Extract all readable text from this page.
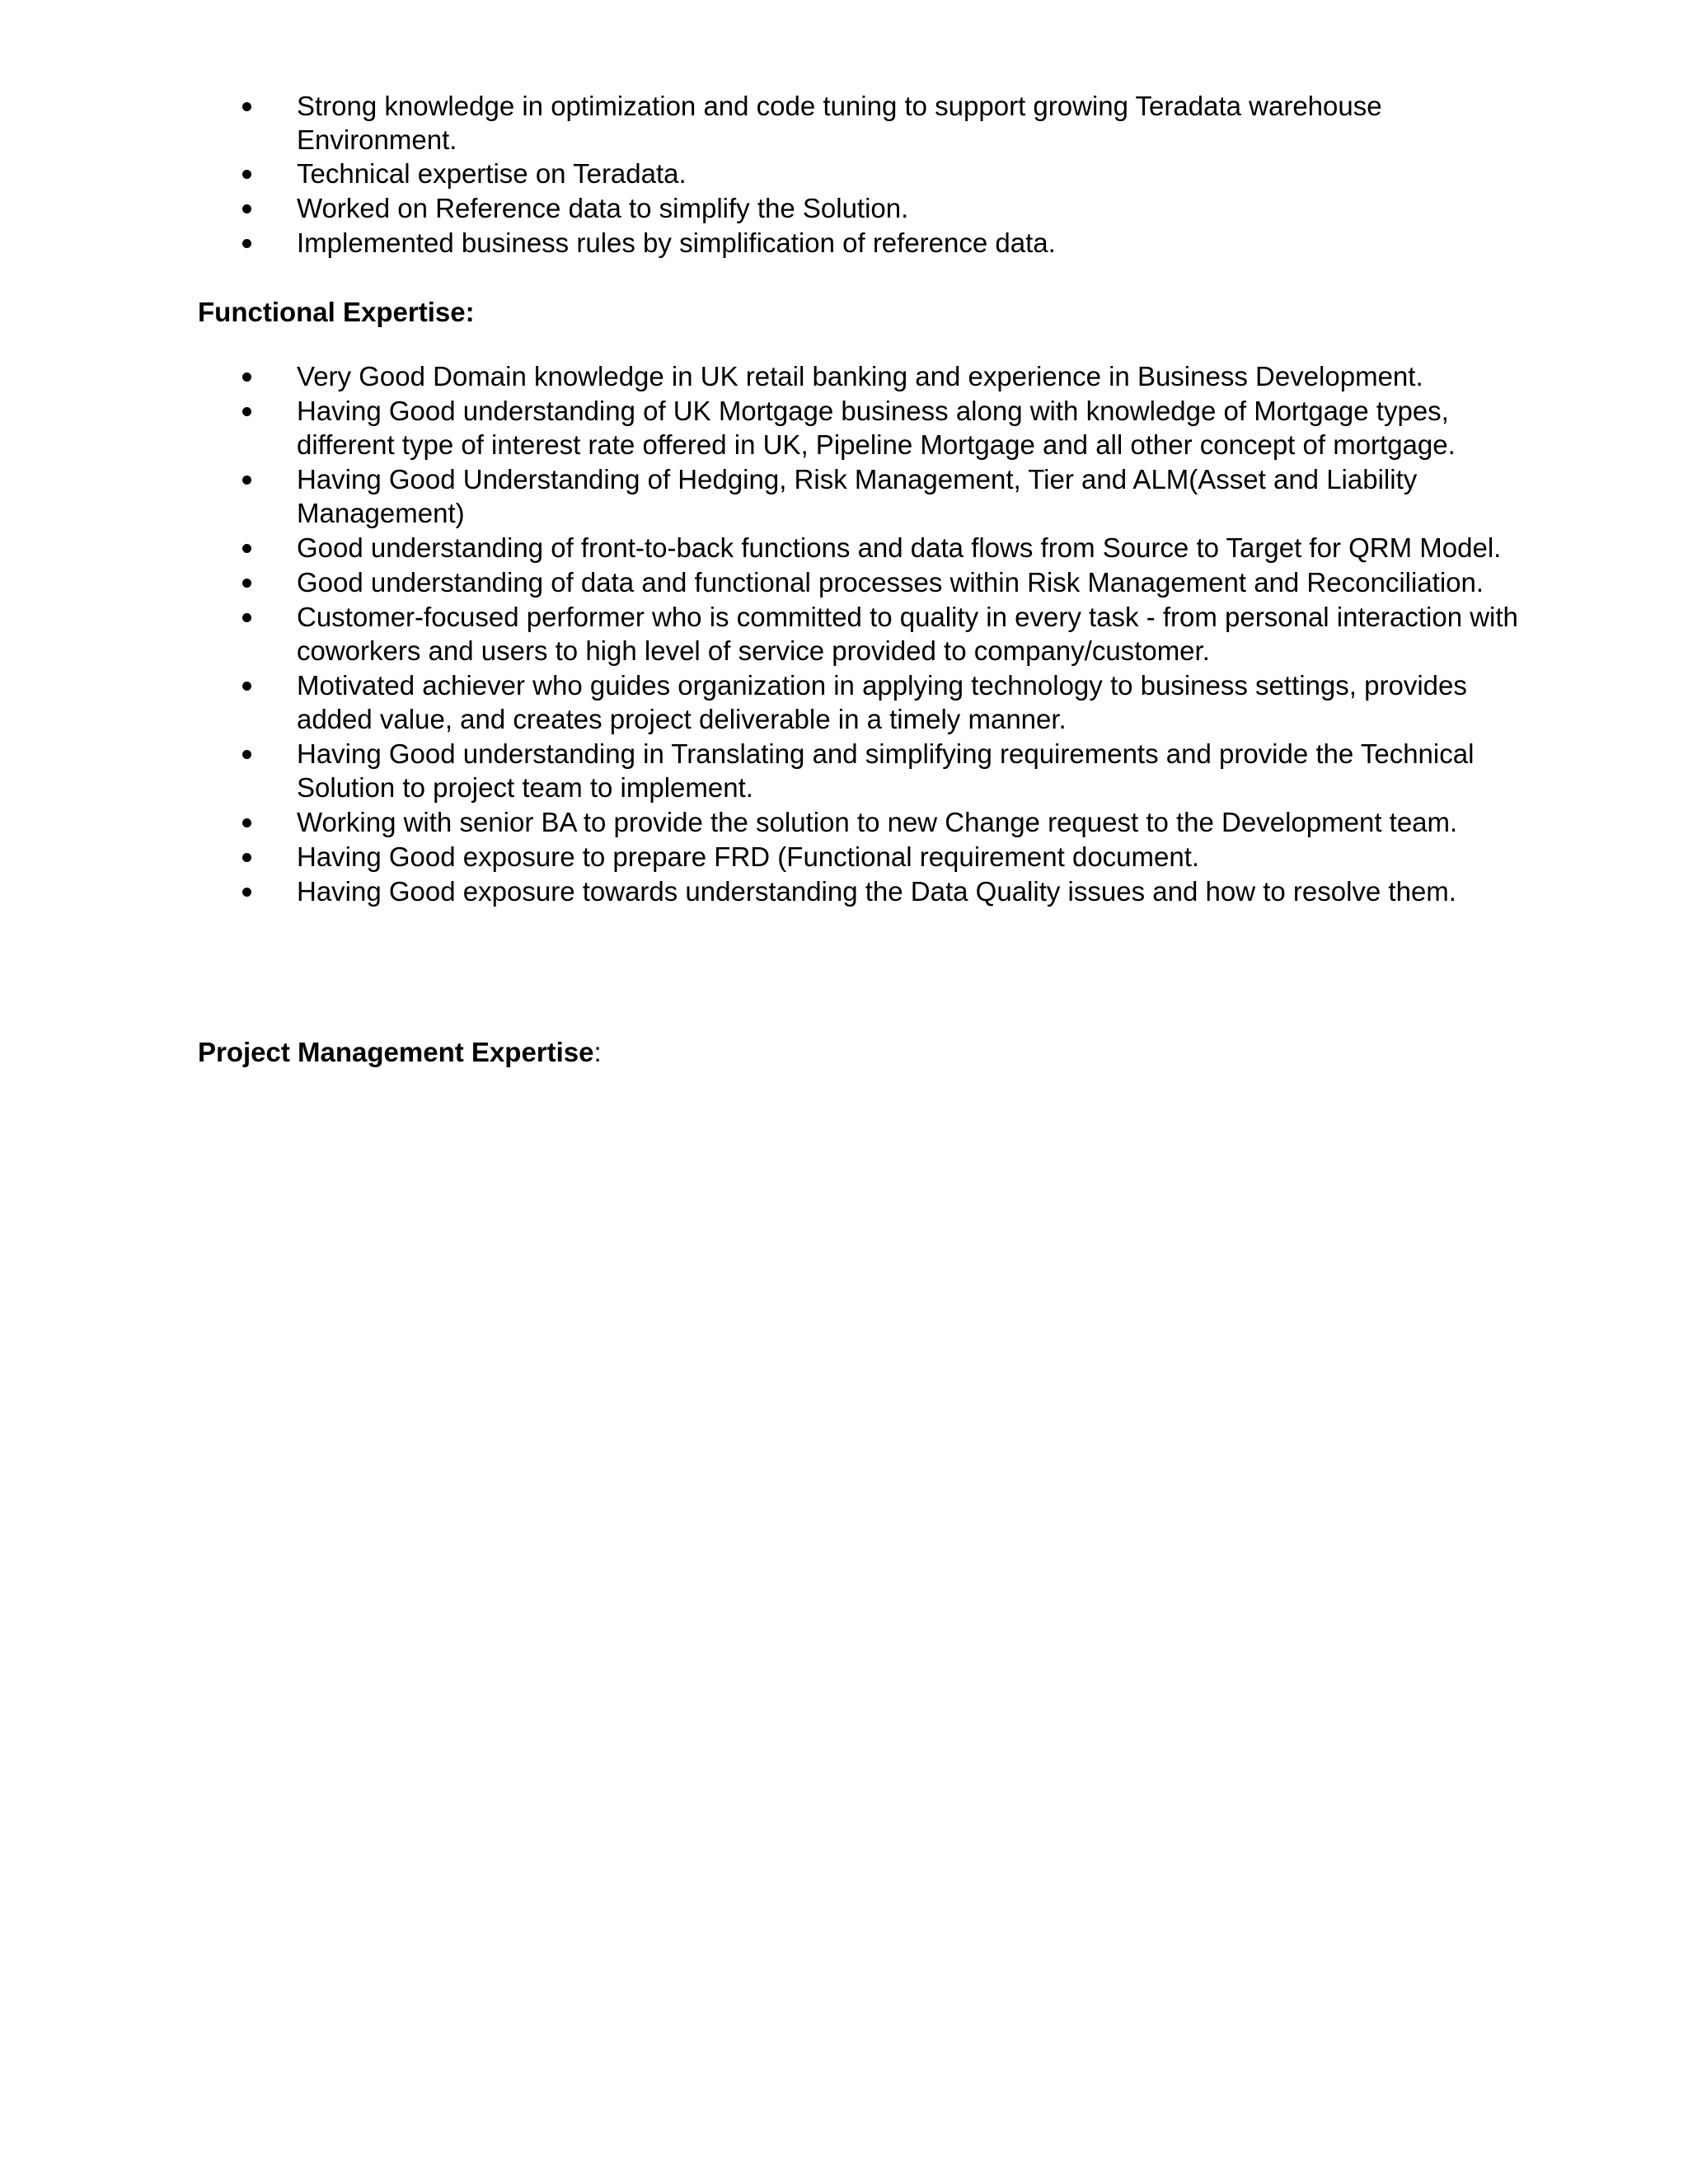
Strong knowledge in optimization and code tuning to support growing Teradata warehouse Environment.
Technical expertise on Teradata.
Worked on Reference data to simplify the Solution.
Implemented business rules by simplification of reference data.
Functional Expertise:
Very Good Domain knowledge in UK retail banking and experience in Business Development.
Having Good understanding of UK Mortgage business along with knowledge of Mortgage types, different type of interest rate offered in UK, Pipeline Mortgage and all other concept of mortgage.
Having Good Understanding of Hedging, Risk Management, Tier and ALM(Asset and Liability Management)
Good understanding of front-to-back functions and data flows from Source to Target for QRM Model.
Good understanding of data and functional processes within Risk Management and Reconciliation.
Customer-focused performer who is committed to quality in every task - from personal interaction with coworkers and users to high level of service provided to company/customer.
Motivated achiever who guides organization in applying technology to business settings, provides added value, and creates project deliverable in a timely manner.
Having Good understanding in Translating and simplifying requirements and provide the Technical Solution to project team to implement.
Working with senior BA to provide the solution to new Change request to the Development team.
Having Good exposure to prepare FRD (Functional requirement document.
Having Good exposure towards understanding the Data Quality issues and how to resolve them.
Project Management Expertise:
